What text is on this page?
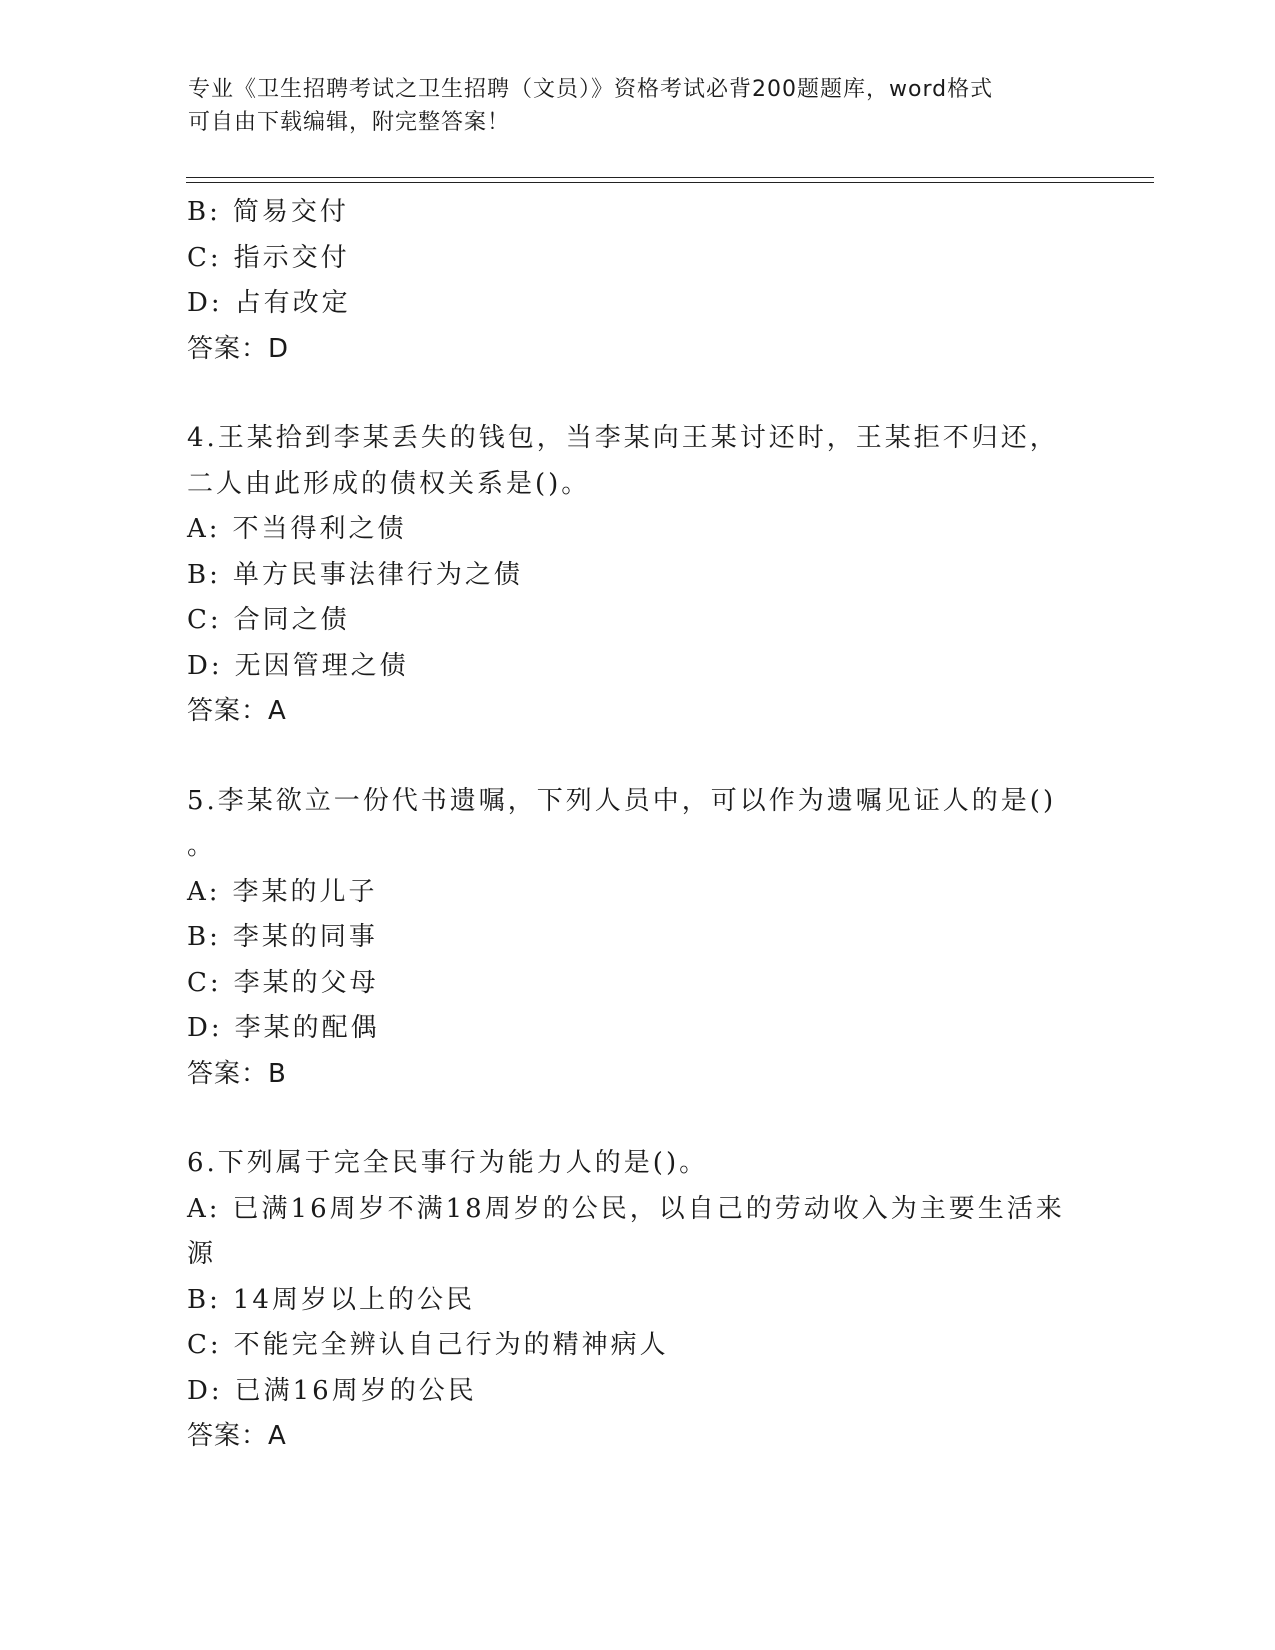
专业《卫生招聘考试之卫生招聘（文员）》资格考试必背200题题库，word格式
可自由下载编辑，附完整答案！
B: 简易交付
C: 指示交付
D: 占有改定
答案：D
4.王某拾到李某丢失的钱包，当李某向王某讨还时，王某拒不归还，
二人由此形成的债权关系是()。
A: 不当得利之债
B: 单方民事法律行为之债
C: 合同之债
D: 无因管理之债
答案：A
5.李某欲立一份代书遗嘱，下列人员中，可以作为遗嘱见证人的是()
。
A: 李某的儿子
B: 李某的同事
C: 李某的父母
D: 李某的配偶
答案：B
6.下列属于完全民事行为能力人的是()。
A: 已满16周岁不满18周岁的公民，以自己的劳动收入为主要生活来
源
B: 14周岁以上的公民
C: 不能完全辨认自己行为的精神病人
D: 已满16周岁的公民
答案：A
